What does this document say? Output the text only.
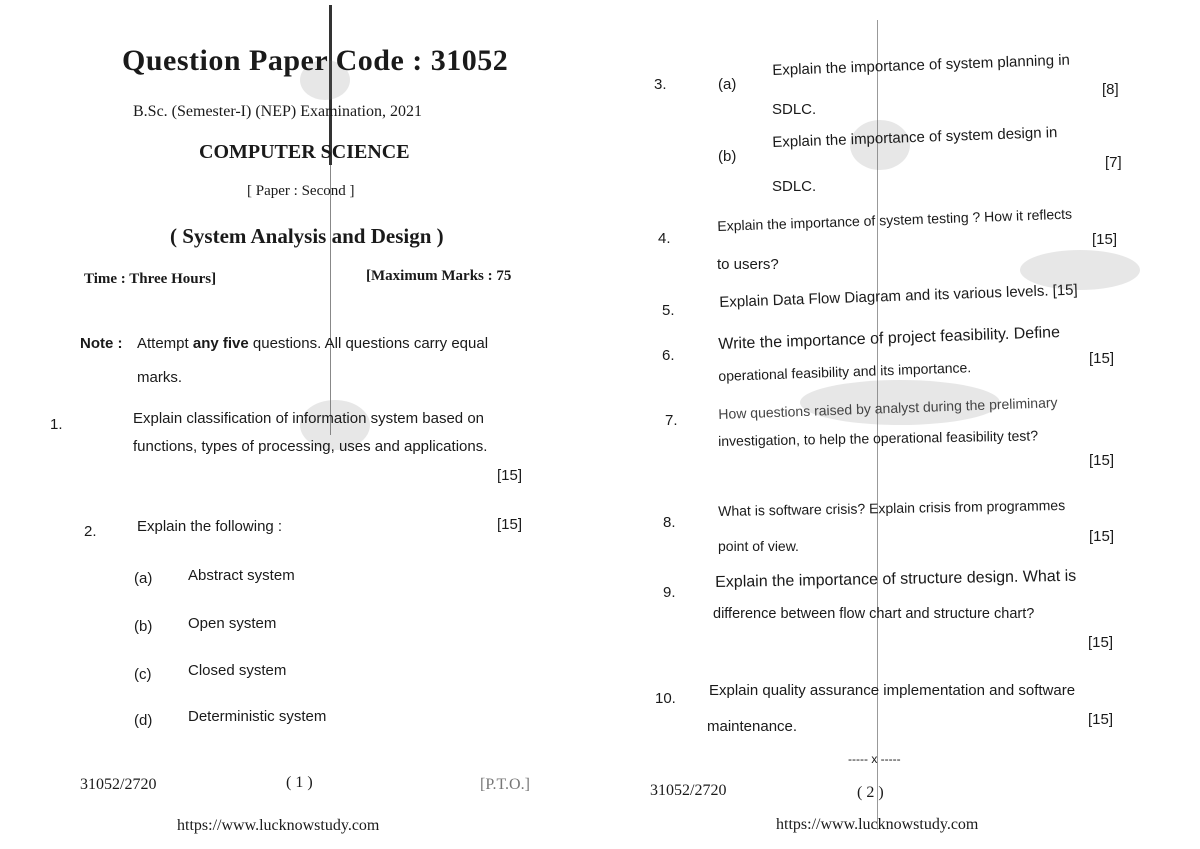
Question Paper Code : 31052
B.Sc. (Semester-I) (NEP) Examination, 2021
COMPUTER SCIENCE
[ Paper : Second ]
( System Analysis and Design )
Time : Three Hours]	[Maximum Marks : 75
Note : Attempt any five questions. All questions carry equal
marks.
1.	Explain classification of information system based on
functions, types of processing, uses and applications.
[15]
2.	Explain the following :	[15]
(a) Abstract system
(b) Open system
(c) Closed system
(d) Deterministic system
31052/2720	( 1 )	[P.T.O.]
https://www.lucknowstudy.com
3.	(a)
Explain the importance of system planning in
[8]
SDLC.
(b)
Explain the importance of system design in
[7]
SDLC.
4.
Explain the importance of system testing ? How it reflects
[15]
to users?
5.	Explain Data Flow Diagram and its various levels. [15]
6.
Write the importance of project feasibility. Define
[15]
operational feasibility and its importance.
7.	How questions raised by analyst during the preliminary
investigation, to help the operational feasibility test?
[15]
8.
What is software crisis? Explain crisis from programmes
[15]
point of view.
9.
Explain the importance of structure design. What is
difference between flow chart and structure chart?
[15]
10. Explain quality assurance implementation and software
maintenance.	[15]
----- x -----
31052/2720	( 2 )
https://www.lucknowstudy.com
